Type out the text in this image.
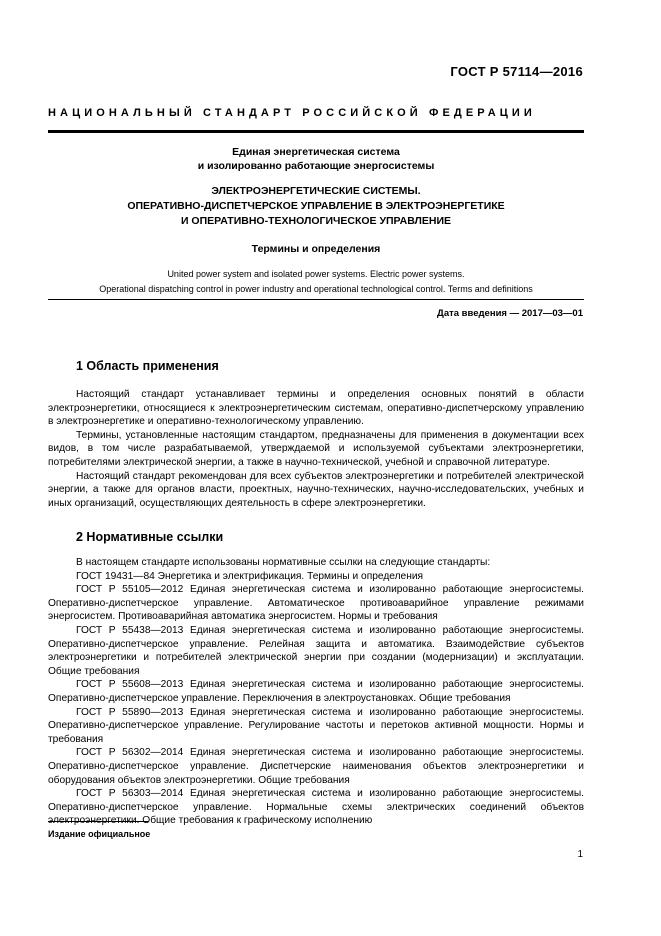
ГОСТ Р 57114—2016
НАЦИОНАЛЬНЫЙ СТАНДАРТ РОССИЙСКОЙ ФЕДЕРАЦИИ
Единая энергетическая система
и изолированно работающие энергосистемы
ЭЛЕКТРОЭНЕРГЕТИЧЕСКИЕ СИСТЕМЫ.
ОПЕРАТИВНО-ДИСПЕТЧЕРСКОЕ УПРАВЛЕНИЕ В ЭЛЕКТРОЭНЕРГЕТИКЕ
И ОПЕРАТИВНО-ТЕХНОЛОГИЧЕСКОЕ УПРАВЛЕНИЕ
Термины и определения
United power system and isolated power systems. Electric power systems.
Operational dispatching control in power industry and operational technological control. Terms and definitions
Дата введения — 2017—03—01
1 Область применения

Настоящий стандарт устанавливает термины и определения основных понятий в области электроэнергетики, относящиеся к электроэнергетическим системам, оперативно-диспетчерскому управлению в электроэнергетике и оперативно-технологическому управлению.

Термины, установленные настоящим стандартом, предназначены для применения в документации всех видов, в том числе разрабатываемой, утверждаемой и используемой субъектами электроэнергетики, потребителями электрической энергии, а также в научно-технической, учебной и справочной литературе.

Настоящий стандарт рекомендован для всех субъектов электроэнергетики и потребителей электрической энергии, а также для органов власти, проектных, научно-технических, научно-исследовательских, учебных и иных организаций, осуществляющих деятельность в сфере электроэнергетики.

2 Нормативные ссылки

В настоящем стандарте использованы нормативные ссылки на следующие стандарты:

ГОСТ 19431—84 Энергетика и электрификация. Термины и определения

ГОСТ Р 55105—2012 Единая энергетическая система и изолированно работающие энергосистемы. Оперативно-диспетчерское управление. Автоматическое противоаварийное управление режимами энергосистем. Противоаварийная автоматика энергосистем. Нормы и требования

ГОСТ Р 55438—2013 Единая энергетическая система и изолированно работающие энергосистемы. Оперативно-диспетчерское управление. Релейная защита и автоматика. Взаимодействие субъектов электроэнергетики и потребителей электрической энергии при создании (модернизации) и эксплуатации. Общие требования

ГОСТ Р 55608—2013 Единая энергетическая система и изолированно работающие энергосистемы. Оперативно-диспетчерское управление. Переключения в электроустановках. Общие требования

ГОСТ Р 55890—2013 Единая энергетическая система и изолированно работающие энергосистемы. Оперативно-диспетчерское управление. Регулирование частоты и перетоков активной мощности. Нормы и требования

ГОСТ Р 56302—2014 Единая энергетическая система и изолированно работающие энергосистемы. Оперативно-диспетчерское управление. Диспетчерские наименования объектов электроэнергетики и оборудования объектов электроэнергетики. Общие требования

ГОСТ Р 56303—2014 Единая энергетическая система и изолированно работающие энергосистемы. Оперативно-диспетчерское управление. Нормальные схемы электрических соединений объектов электроэнергетики. Общие требования к графическому исполнению

Издание официальное
1
